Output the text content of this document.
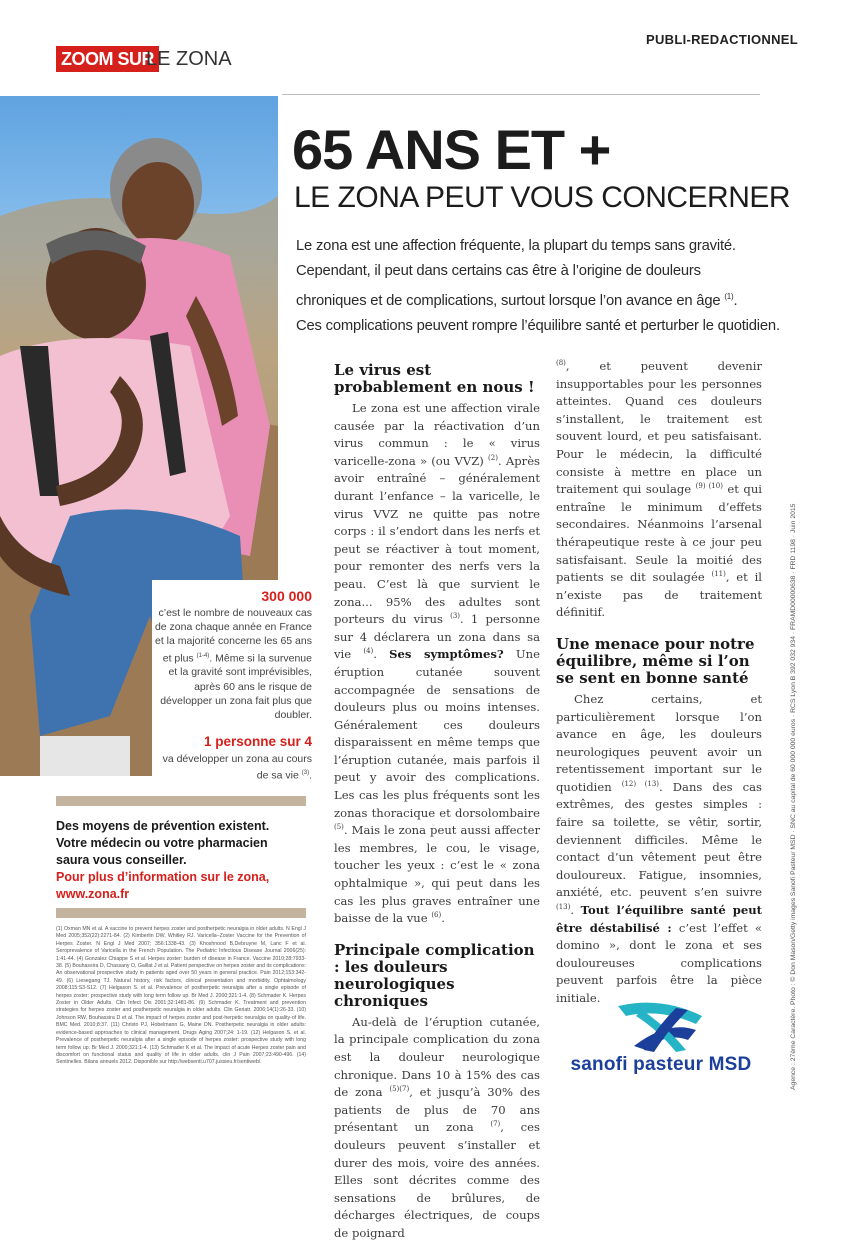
ZOOM SUR
LE ZONA
PUBLI-REDACTIONNEL
300 000
c’est le nombre de nouveaux cas de zona chaque année en France et la majorité concerne les 65 ans et plus $^{(1-4)}$. Même si la survenue et la gravité sont imprévisibles, après 60 ans le risque de développer un zona fait plus que doubler.
1 personne sur 4
va développer un zona au cours de sa vie $^{(3)}$.
Des moyens de prévention existent. Votre médecin ou votre pharmacien saura vous conseiller.
Pour plus d’information sur le zona, www.zona.fr
(1) Oxman MN et al. A vaccine to prevent herpes zoster and postherpetic neuralgia in older adults. N Engl J Med 2005;352(22):2271-84. (2) Kimberlin DW, Whitley RJ. Varicella–Zoster Vaccine for the Prevention of Herpes Zoster. N Engl J Med 2007; 356:1338-43. (3) Khoshnood B,Debruyne M, Lanc F et al. Seroprevalence of Varicella in the French Population. The Pediatric Infectious Disease Journal 2006(25): 1:41-44. (4) Gonzalez Chiappe S et al. Herpes zoster: burden of disease in France. Vaccine 2010;28:7933-38. (5) Bouhassira D, Chassany O, Gaillat J et al. Patient perspective on herpes zoster and its complications: An observational prospective study in patients aged over 50 years in general practice. Pain 2012;153:342-49. (6) Liesegang TJ. Natural history, risk factors, clinical presentation and morbidity. Ophtalmology 2008;115:S3-S12. (7) Helgason S. et al. Prevalence of postherpetic neuralgia after a single episode of herpes zoster: prospective study with long term follow up. Br Med J. 2000;321:1-4. (8) Schmader K. Herpes Zoster in Older Adults. Clin Infect Dis 2001;32:1481-86. (9) Schmader K. Treatment and prevention strategies for herpes zoster and postherpetic neuralgia in older adults. Clin Geriatr. 2006;14(1):26-33. (10) Johnson RW, Bouhassira D et al. The impact of herpes zoster and post-herpetic neuralgia on quality-of life. BMC Med. 2010;8:37. (11) Christo PJ, Hobelmann G, Maine DN. Postherpetic neuralgia in older adults: evidence-based approaches to clinical management. Drugs Aging 2007;24: 1-19. (12) Helgason S. et al. Prevalence of postherpetic neuralgia after a single episode of herpes zoster: prospective study with long term follow up. Br Med J. 2000;321:1-4. (13) Schmader K et al. The impact of acute Herpes zoster pain and discomfort on functional status and quality of life in older adults. clin J Pain 2007;23:490-496. (14) Sentinelles. Bilans annuels 2012. Disponible sur http://websenti.u707.jussieu.fr/sentiweb/.
65 ANS ET +
LE ZONA PEUT VOUS CONCERNER

Le zona est une affection fréquente, la plupart du temps sans gravité.

Cependant, il peut dans certains cas être à l’origine de douleurs

chroniques et de complications, surtout lorsque l’on avance en âge $^{(1)}$.

Ces complications peuvent rompre l’équilibre santé et perturber le quotidien.

Le virus est probablement en nous !

Le zona est une affection virale causée par la réactivation d’un virus commun : le « virus varicelle-zona » (ou VVZ) $^{(2)}$. Après avoir entraîné – généralement durant l’enfance – la varicelle, le virus VVZ ne quitte pas notre corps : il s’endort dans les nerfs et peut se réactiver à tout moment, pour remonter des nerfs vers la peau. C’est là que survient le zona... 95% des adultes sont porteurs du virus $^{(3)}$. 1 personne sur 4 déclarera un zona dans sa vie $^{(4)}$. Ses symptômes? Une éruption cutanée souvent accompagnée de sensations de douleurs plus ou moins intenses. Généralement ces douleurs disparaissent en même temps que l’éruption cutanée, mais parfois il peut y avoir des complications. Les cas les plus fréquents sont les zonas thoracique et dorsolombaire $^{(5)}$. Mais le zona peut aussi affecter les membres, le cou, le visage, toucher les yeux : c’est le « zona ophtalmique », qui peut dans les cas les plus graves entraîner une baisse de la vue $^{(6)}$.

Principale complication : les douleurs neurologiques chroniques

Au-delà de l’éruption cutanée, la principale complication du zona est la douleur neurologique chronique. Dans 10 à 15% des cas de zona $^{(5)(7)}$, et jusqu’à 30% des patients de plus de 70 ans présentant un zona $^{(7)}$, ces douleurs peuvent s’installer et durer des mois, voire des années. Elles sont décrites comme des sensations de brûlures, de décharges électriques, de coups de poignard

$^{(8)}$, et peuvent devenir insupportables pour les personnes atteintes. Quand ces douleurs s’installent, le traitement est souvent lourd, et peu satisfaisant. Pour le médecin, la difficulté consiste à mettre en place un traitement qui soulage $^{(9) (10)}$ et qui entraîne le minimum d’effets secondaires. Néanmoins l’arsenal thérapeutique reste à ce jour peu satisfaisant. Seule la moitié des patients se dit soulagée $^{(11)}$, et il n’existe pas de traitement définitif.

Une menace pour notre équilibre, même si l’on se sent en bonne santé

Chez certains, et particulièrement lorsque l’on avance en âge, les douleurs neurologiques peuvent avoir un retentissement important sur le quotidien $^{(12) (13)}$. Dans des cas extrêmes, des gestes simples : faire sa toilette, se vêtir, sortir, deviennent difficiles. Même le contact d’un vêtement peut être douloureux. Fatigue, insomnies, anxiété, etc. peuvent s’en suivre $^{(13)}$. Tout l’équilibre santé peut être déstabilisé : c’est l’effet « domino », dont le zona et ses douloureuses complications peuvent parfois être la pièce initiale.

sanofi pasteur MSD	Agence : 27ème Caractère. Photo : © Don Mason/Getty images Sanofi Pasteur MSD · SNC au capital de 60 000 000 euros · RCS Lyon B 392 032 934 · FRAMD00000638 · FRD 1198 · Juin 2015
